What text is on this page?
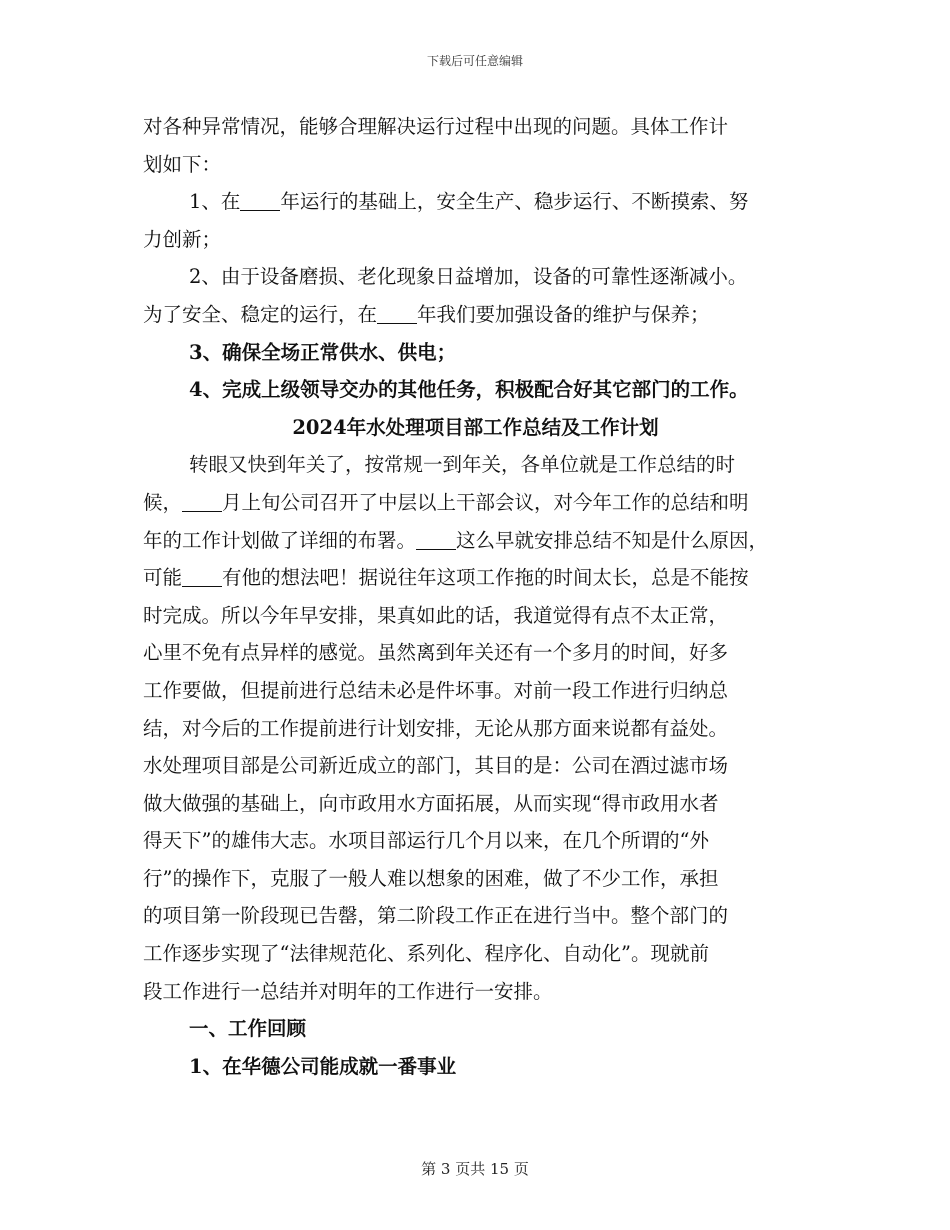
下载后可任意编辑

对各种异常情况，能够合理解决运行过程中出现的问题。具体工作计

划如下：

1、在 年运行的基础上，安全生产、稳步运行、不断摸索、努

力创新；

2、由于设备磨损、老化现象日益增加，设备的可靠性逐渐减小。

为了安全、稳定的运行，在 年我们要加强设备的维护与保养；

3、确保全场正常供水、供电；

4、完成上级领导交办的其他任务，积极配合好其它部门的工作。

2024年水处理项目部工作总结及工作计划

转眼又快到年关了，按常规一到年关，各单位就是工作总结的时

候， 月上旬公司召开了中层以上干部会议，对今年工作的总结和明

年的工作计划做了详细的布署。 这么早就安排总结不知是什么原因，

可能 有他的想法吧！据说往年这项工作拖的时间太长，总是不能按

时完成。所以今年早安排，果真如此的话，我道觉得有点不太正常，

心里不免有点异样的感觉。虽然离到年关还有一个多月的时间，好多

工作要做，但提前进行总结未必是件坏事。对前一段工作进行归纳总

结，对今后的工作提前进行计划安排，无论从那方面来说都有益处。

水处理项目部是公司新近成立的部门，其目的是：公司在酒过滤市场

做大做强的基础上，向市政用水方面拓展，从而实现“得市政用水者

得天下”的雄伟大志。水项目部运行几个月以来，在几个所谓的“外

行”的操作下，克服了一般人难以想象的困难，做了不少工作，承担

的项目第一阶段现已告罄，第二阶段工作正在进行当中。整个部门的

工作逐步实现了“法律规范化、系列化、程序化、自动化”。现就前

段工作进行一总结并对明年的工作进行一安排。

一、工作回顾

1、在华德公司能成就一番事业

第 3 页共 15 页
